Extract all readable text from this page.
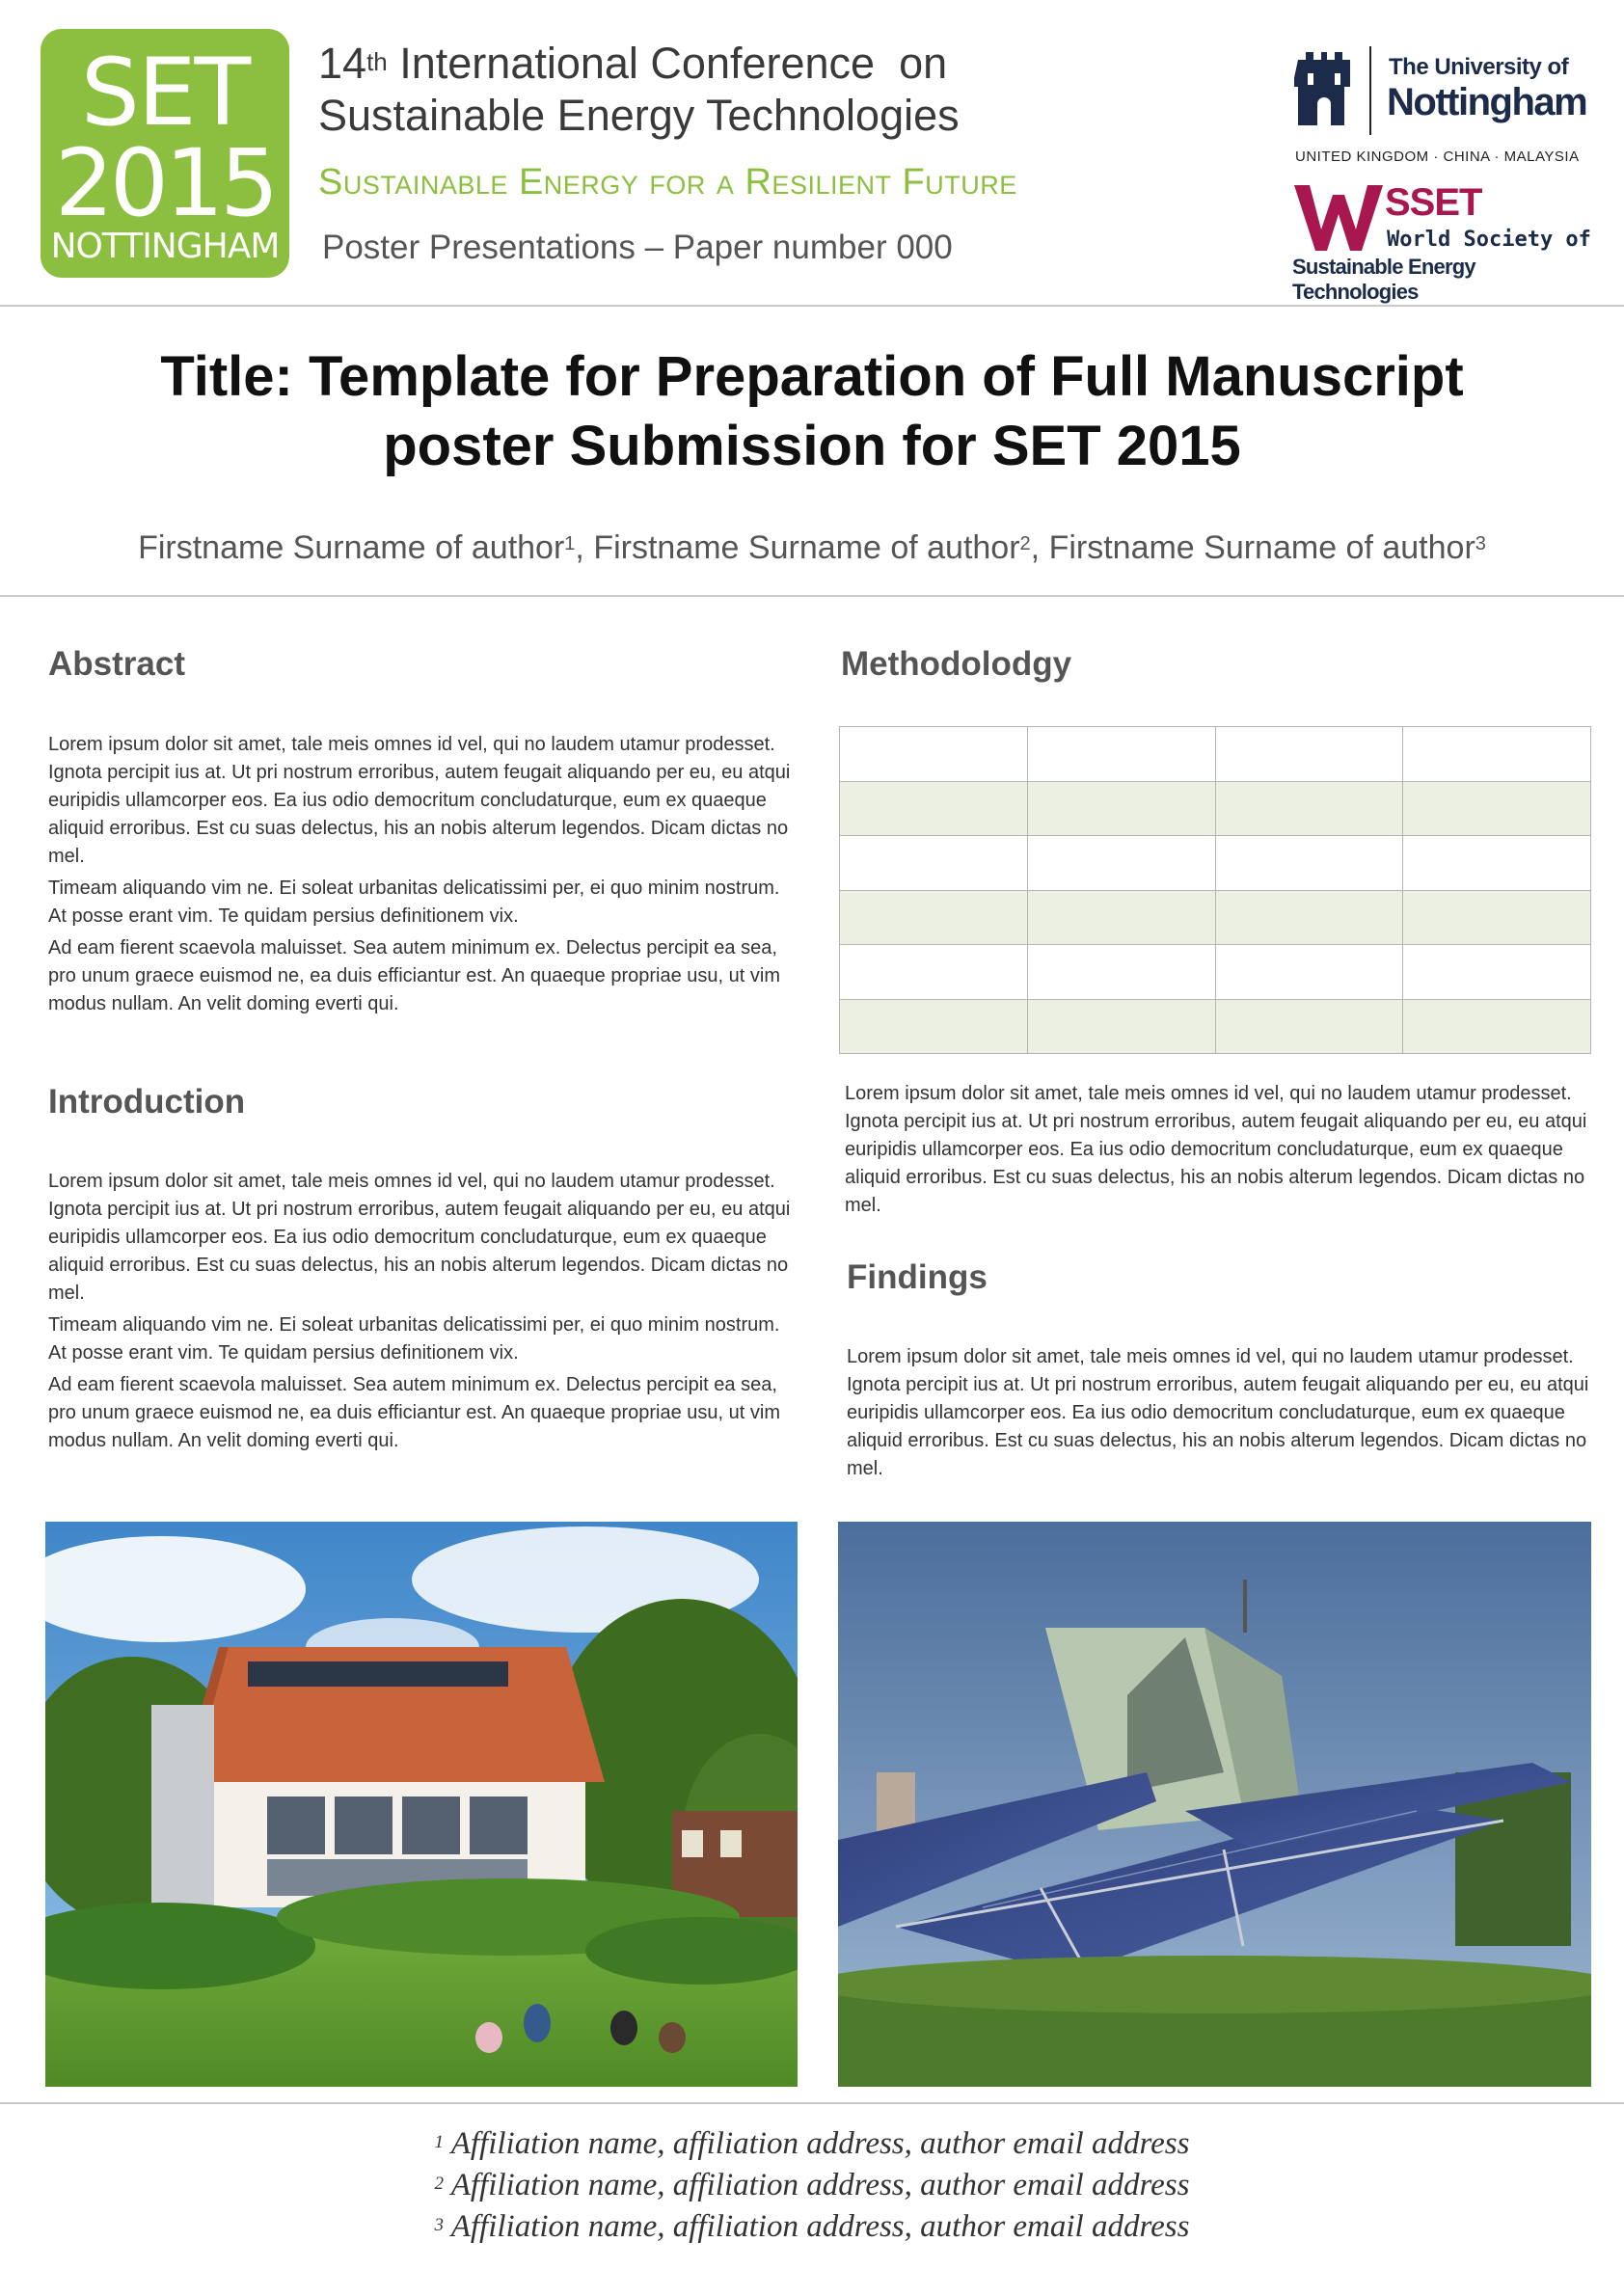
SET
2015
NOTTINGHAM
14th International Conference  on
Sustainable Energy Technologies
Sustainable Energy for a Resilient Future
Poster Presentations – Paper number 000
The University of
Nottingham
UNITED KINGDOM · CHINA · MALAYSIA
SSET
World Society of
Sustainable Energy Technologies
Title: Template for Preparation of Full Manuscript poster Submission for SET 2015
Firstname Surname of author$^1$, Firstname Surname of author$^2$, Firstname Surname of author$^3$
Abstract

Lorem ipsum dolor sit amet, tale meis omnes id vel, qui no laudem utamur prodesset. Ignota percipit ius at. Ut pri nostrum erroribus, autem feugait aliquando per eu, eu atqui euripidis ullamcorper eos. Ea ius odio democritum concludaturque, eum ex quaeque aliquid erroribus. Est cu suas delectus, his an nobis alterum legendos. Dicam dictas no mel.

Timeam aliquando vim ne. Ei soleat urbanitas delicatissimi per, ei quo minim nostrum. At posse erant vim. Te quidam persius definitionem vix.

Ad eam fierent scaevola maluisset. Sea autem minimum ex. Delectus percipit ea sea, pro unum graece euismod ne, ea duis efficiantur est. An quaeque propriae usu, ut vim modus nullam. An velit doming everti qui.

Introduction

Lorem ipsum dolor sit amet, tale meis omnes id vel, qui no laudem utamur prodesset. Ignota percipit ius at. Ut pri nostrum erroribus, autem feugait aliquando per eu, eu atqui euripidis ullamcorper eos. Ea ius odio democritum concludaturque, eum ex quaeque aliquid erroribus. Est cu suas delectus, his an nobis alterum legendos. Dicam dictas no mel.

Timeam aliquando vim ne. Ei soleat urbanitas delicatissimi per, ei quo minim nostrum. At posse erant vim. Te quidam persius definitionem vix.

Ad eam fierent scaevola maluisset. Sea autem minimum ex. Delectus percipit ea sea, pro unum graece euismod ne, ea duis efficiantur est. An quaeque propriae usu, ut vim modus nullam. An velit doming everti qui.

Methodolodgy

Lorem ipsum dolor sit amet, tale meis omnes id vel, qui no laudem utamur prodesset. Ignota percipit ius at. Ut pri nostrum erroribus, autem feugait aliquando per eu, eu atqui euripidis ullamcorper eos. Ea ius odio democritum concludaturque, eum ex quaeque aliquid erroribus. Est cu suas delectus, his an nobis alterum legendos. Dicam dictas no mel.

Findings

Lorem ipsum dolor sit amet, tale meis omnes id vel, qui no laudem utamur prodesset. Ignota percipit ius at. Ut pri nostrum erroribus, autem feugait aliquando per eu, eu atqui euripidis ullamcorper eos. Ea ius odio democritum concludaturque, eum ex quaeque aliquid erroribus. Est cu suas delectus, his an nobis alterum legendos. Dicam dictas no mel.

$^1$ Affiliation name, affiliation address, author email address
$^2$ Affiliation name, affiliation address, author email address
$^3$ Affiliation name, affiliation address, author email address
